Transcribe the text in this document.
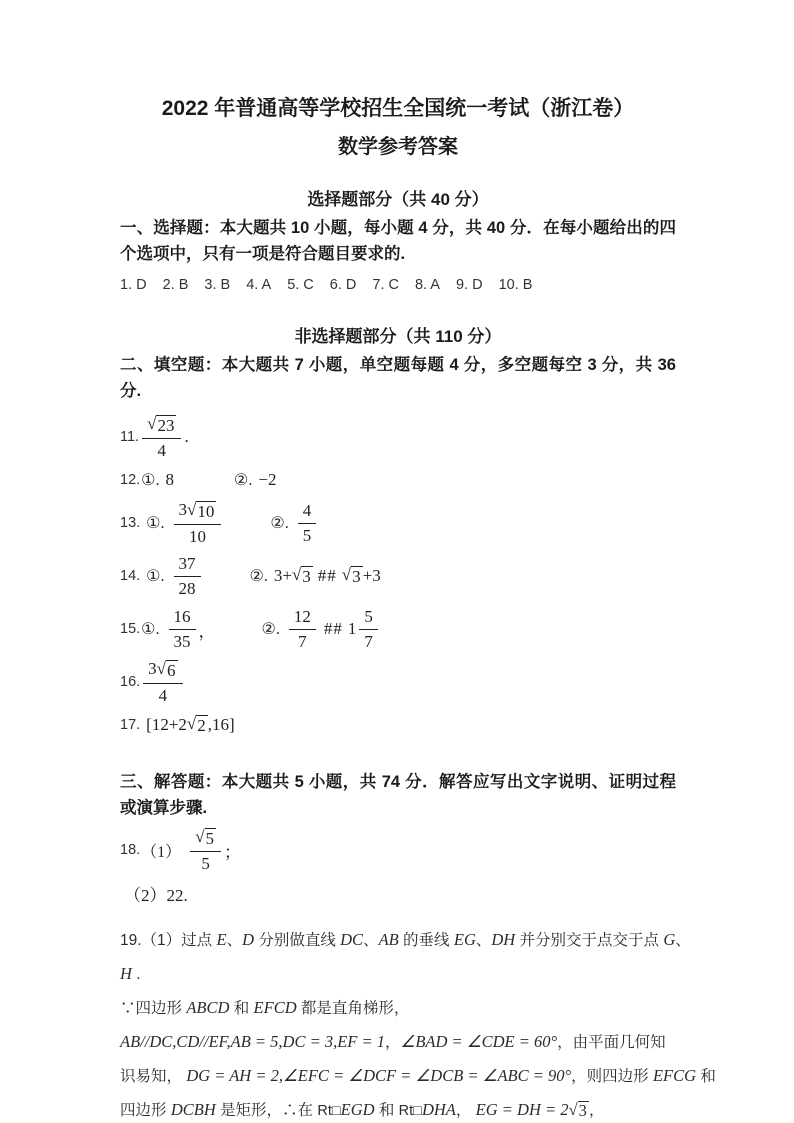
2022 年普通高等学校招生全国统一考试（浙江卷）
数学参考答案
选择题部分（共 40 分）

一、选择题：本大题共 10 小题，每小题 4 分，共 40 分．在每小题给出的四个选项中，只有一项是符合题目要求的.

1. D 2. B 3. B 4. A 5. C 6. D 7. C 8. A 9. D 10. B

非选择题部分（共 110 分）

二、填空题：本大题共 7 小题，单空题每题 4 分，多空题每空 3 分，共 36 分.

11. $\frac{√ 23}{4}$ .
12. ①. 8	②. −2
13. ①. $\frac{3 √ 10}{10}$	②. $\frac{4}{5}$
14. ①. $\frac{37}{28}$	②. 3+ √ 3 ## √ 3 +3
15. ①. $\frac{16}{35}$ ，	②. $\frac{12}{7}$ ## $1 \frac{5}{7}$
16. $\frac{3 √ 6}{4}$
17. [12+2 √ 2 ,16]

三、解答题：本大题共 5 小题，共 74 分．解答应写出文字说明、证明过程或演算步骤.

18. $(1) \frac{√ 5}{5}$ ；
（2）22.

19.（1）过点 E、D 分别做直线 DC、AB 的垂线 EG、DH 并分别交于点交于点 G、

H .

∵四边形 ABCD 和 EFCD 都是直角梯形，

AB//DC,CD//EF,AB = 5,DC = 3,EF = 1，∠BAD = ∠CDE = 60°，由平面几何知

识易知， DG = AH = 2,∠EFC = ∠DCF = ∠DCB = ∠ABC = 90°，则四边形 EFCG 和

四边形 DCBH 是矩形，∴在 Rt□EGD 和 Rt□DHA， EG = DH = 2 √ 3 ，
